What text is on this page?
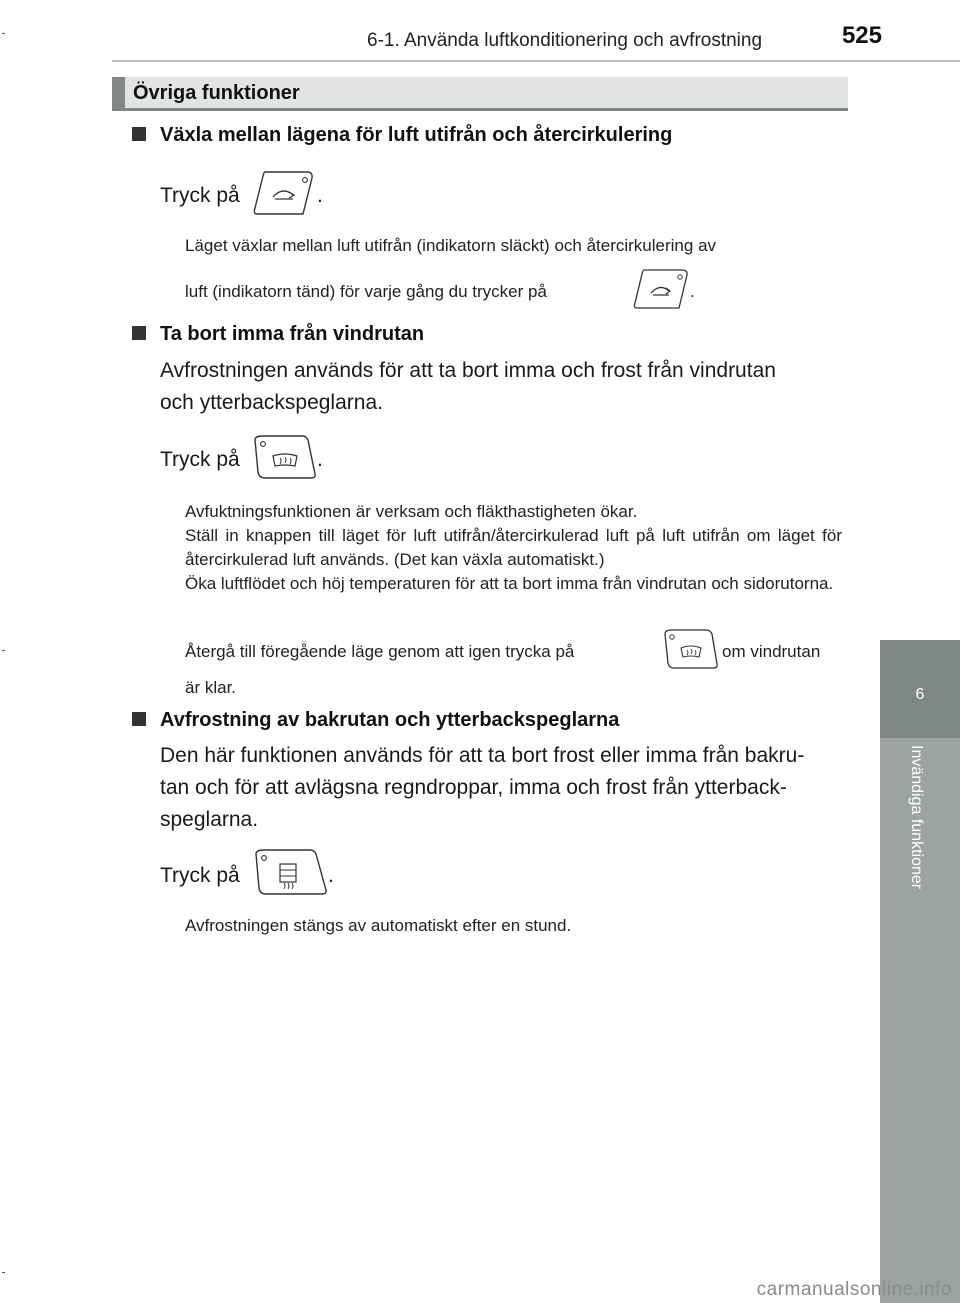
6-1. Använda luftkonditionering och avfrostning	525
6
Invändiga funktioner
Övriga funktioner
Växla mellan lägena för luft utifrån och återcirkulering
Tryck på	.
Läget växlar mellan luft utifrån (indikatorn släckt) och återcirkulering av
luft (indikatorn tänd) för varje gång du trycker på	.
Ta bort imma från vindrutan
Avfrostningen används för att ta bort imma och frost från vindrutan
och ytterbackspeglarna.
Tryck på	.
Avfuktningsfunktionen är verksam och fläkthastigheten ökar.
Ställ in knappen till läget för luft utifrån/återcirkulerad luft på luft utifrån om läget för återcirkulerad luft används. (Det kan växla automatiskt.)
Öka luftflödet och höj temperaturen för att ta bort imma från vindrutan och sidorutorna.
Återgå till föregående läge genom att igen trycka på	om vindrutan
är klar.
Avfrostning av bakrutan och ytterbackspeglarna
Den här funktionen används för att ta bort frost eller imma från bakru-
tan och för att avlägsna regndroppar, imma och frost från ytterback-
speglarna.
Tryck på	.
Avfrostningen stängs av automatiskt efter en stund.
carmanualsonline.info
